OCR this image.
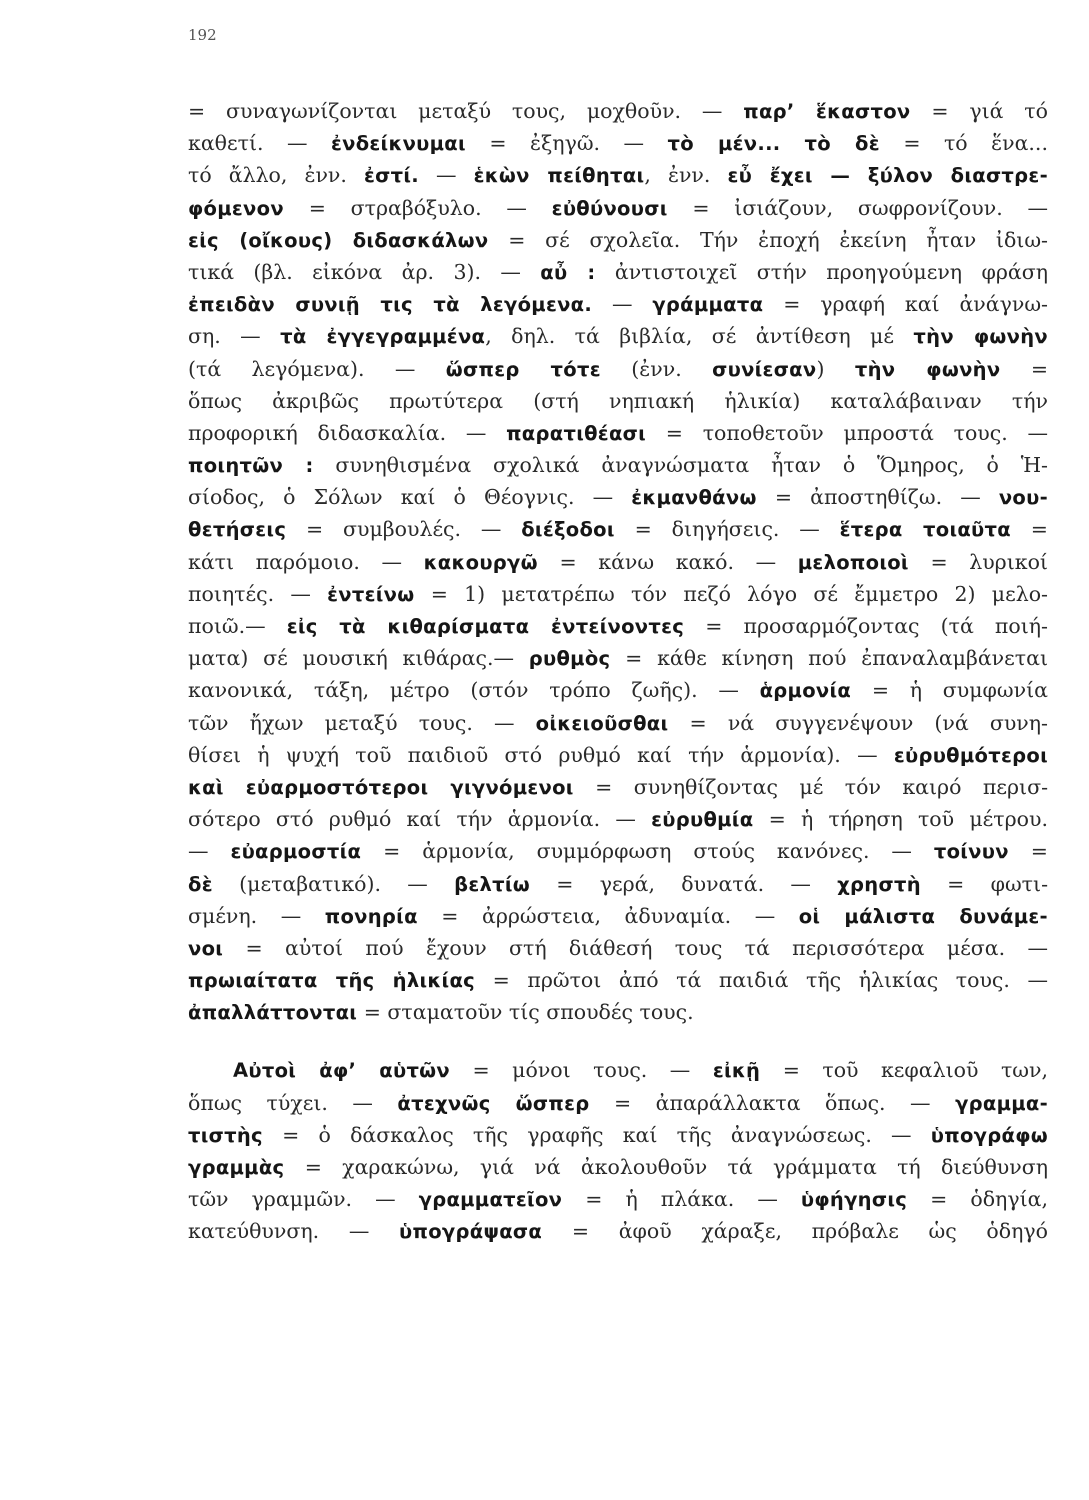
192
= συναγωνίζονται μεταξύ τους, μοχθοῦν. — παρ’ ἕκαστον = γιά τό
καθετί. — ἐνδείκνυμαι = ἐξηγῶ. — τὸ μέν... τὸ δὲ = τό ἕνα...
τό ἄλλο, ἐνν. ἐστί. — ἑκὼν πείθηται, ἐνν. εὖ ἔχει — ξύλον διαστρε-
φόμενον = στραβόξυλο. — εὐθύνουσι = ἰσιάζουν, σωφρονίζουν. —
εἰς (οἴκους) διδασκάλων = σέ σχολεῖα. Τήν ἐποχή ἐκείνη ἦταν ἰδιω-
τικά (βλ. εἰκόνα ἀρ. 3). — αὖ : ἀντιστοιχεῖ στήν προηγούμενη φράση
ἐπειδὰν συνιῇ τις τὰ λεγόμενα. — γράμματα = γραφή καί ἀνάγνω-
ση. — τὰ ἐγγεγραμμένα, δηλ. τά βιβλία, σέ ἀντίθεση μέ τὴν φωνὴν
(τά λεγόμενα). — ὥσπερ τότε (ἐνν. συνίεσαν) τὴν φωνὴν =
ὅπως ἀκριβῶς πρωτύτερα (στή νηπιακή ἡλικία) καταλάβαιναν τήν
προφορική διδασκαλία. — παρατιθέασι = τοποθετοῦν μπροστά τους. —
ποιητῶν : συνηθισμένα σχολικά ἀναγνώσματα ἦταν ὁ Ὅμηρος, ὁ Ἡ-
σίοδος, ὁ Σόλων καί ὁ Θέογνις. — ἐκμανθάνω = ἀποστηθίζω. — νου-
θετήσεις = συμβουλές. — διέξοδοι = διηγήσεις. — ἕτερα τοιαῦτα =
κάτι παρόμοιο. — κακουργῶ = κάνω κακό. — μελοποιοὶ = λυρικοί
ποιητές. — ἐντείνω = 1) μετατρέπω τόν πεζό λόγο σέ ἔμμετρο 2) μελο-
ποιῶ.— εἰς τὰ κιθαρίσματα ἐντείνοντες = προσαρμόζοντας (τά ποιή-
ματα) σέ μουσική κιθάρας.— ρυθμὸς = κάθε κίνηση πού ἐπαναλαμβάνεται
κανονικά, τάξη, μέτρο (στόν τρόπο ζωῆς). — ἁρμονία = ἡ συμφωνία
τῶν ἤχων μεταξύ τους. — οἰκειοῦσθαι = νά συγγενέψουν (νά συνη-
θίσει ἡ ψυχή τοῦ παιδιοῦ στό ρυθμό καί τήν ἁρμονία). — εὐρυθμότεροι
καὶ εὐαρμοστότεροι γιγνόμενοι = συνηθίζοντας μέ τόν καιρό περισ-
σότερο στό ρυθμό καί τήν ἁρμονία. — εὐρυθμία = ἡ τήρηση τοῦ μέτρου.
— εὐαρμοστία = ἁρμονία, συμμόρφωση στούς κανόνες. — τοίνυν =
δὲ (μεταβατικό). — βελτίω = γερά, δυνατά. — χρηστὴ = φωτι-
σμένη. — πονηρία = ἀρρώστεια, ἀδυναμία. — οἱ μάλιστα δυνάμε-
νοι = αὐτοί πού ἔχουν στή διάθεσή τους τά περισσότερα μέσα. —
πρωιαίτατα τῆς ἡλικίας = πρῶτοι ἀπό τά παιδιά τῆς ἡλικίας τους. —
ἀπαλλάττονται = σταματοῦν τίς σπουδές τους.
Αὐτοὶ ἀφ’ αὑτῶν = μόνοι τους. — εἰκῇ = τοῦ κεφαλιοῦ των,
ὅπως τύχει. — ἀτεχνῶς ὥσπερ = ἀπαράλλακτα ὅπως. — γραμμα-
τιστὴς = ὁ δάσκαλος τῆς γραφῆς καί τῆς ἀναγνώσεως. — ὑπογράφω
γραμμὰς = χαρακώνω, γιά νά ἀκολουθοῦν τά γράμματα τή διεύθυνση
τῶν γραμμῶν. — γραμματεῖον = ἡ πλάκα. — ὑφήγησις = ὁδηγία,
κατεύθυνση. — ὑπογράψασα = ἀφοῦ χάραξε, πρόβαλε ὡς ὁδηγό
